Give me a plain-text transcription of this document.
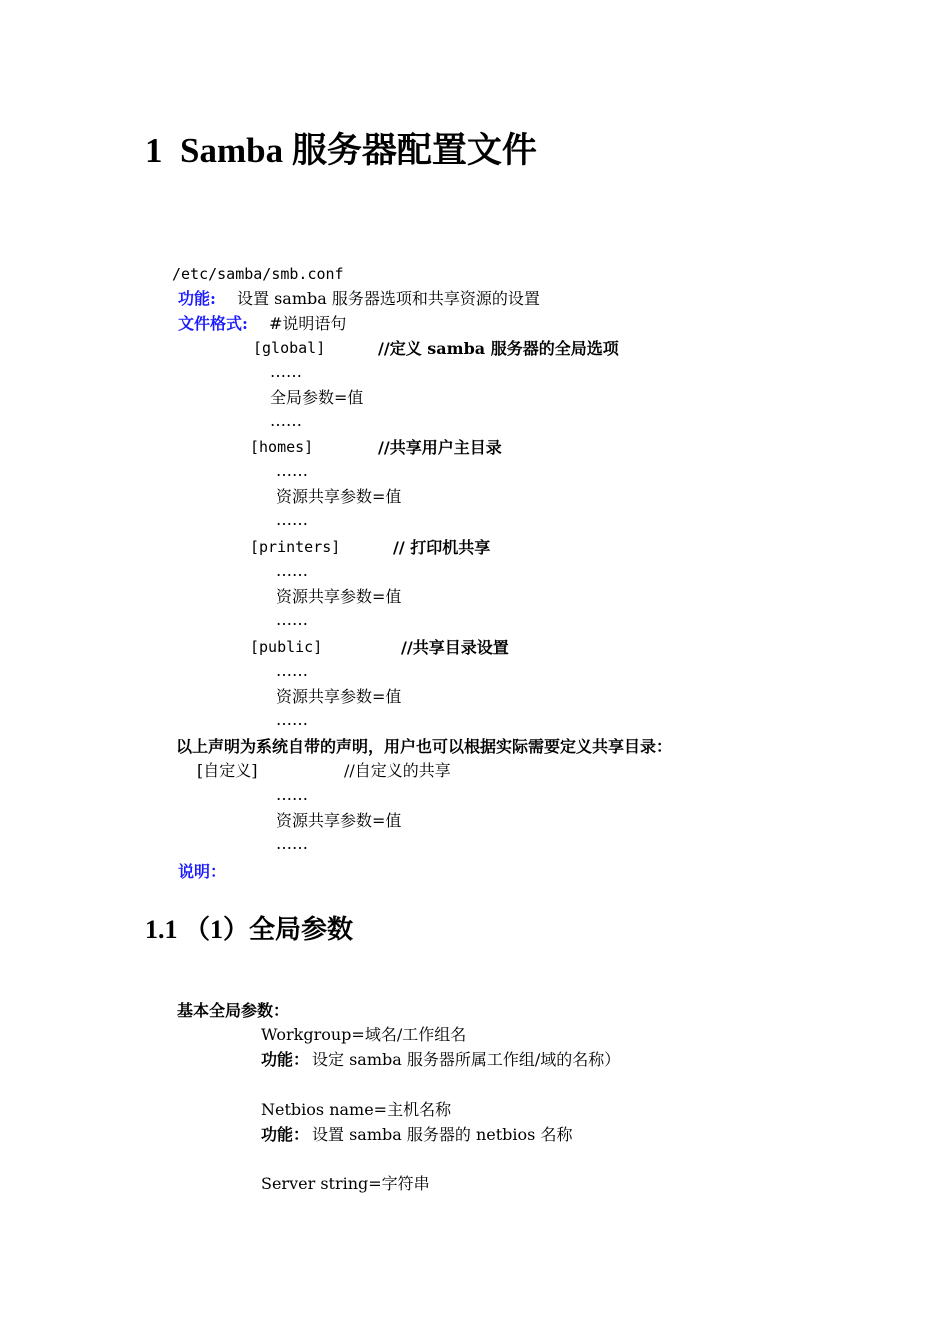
1  Samba 服务器配置文件
/etc/samba/smb.conf
功能: 设置 samba 服务器选项和共享资源的设置
文件格式: #说明语句
[global]	//定义 samba 服务器的全局选项
……
全局参数=值
……
[homes]	//共享用户主目录
……
资源共享参数=值
……
[printers]	// 打印机共享
……
资源共享参数=值
……
[public]	//共享目录设置
……
资源共享参数=值
……
以上声明为系统自带的声明，用户也可以根据实际需要定义共享目录：
[自定义]	//自定义的共享
……
资源共享参数=值
……
说明：
1.1 （1）全局参数
基本全局参数：
Workgroup=域名/工作组名
功能： 设定 samba 服务器所属工作组/域的名称）
Netbios name=主机名称
功能： 设置 samba 服务器的 netbios 名称
Server string=字符串
